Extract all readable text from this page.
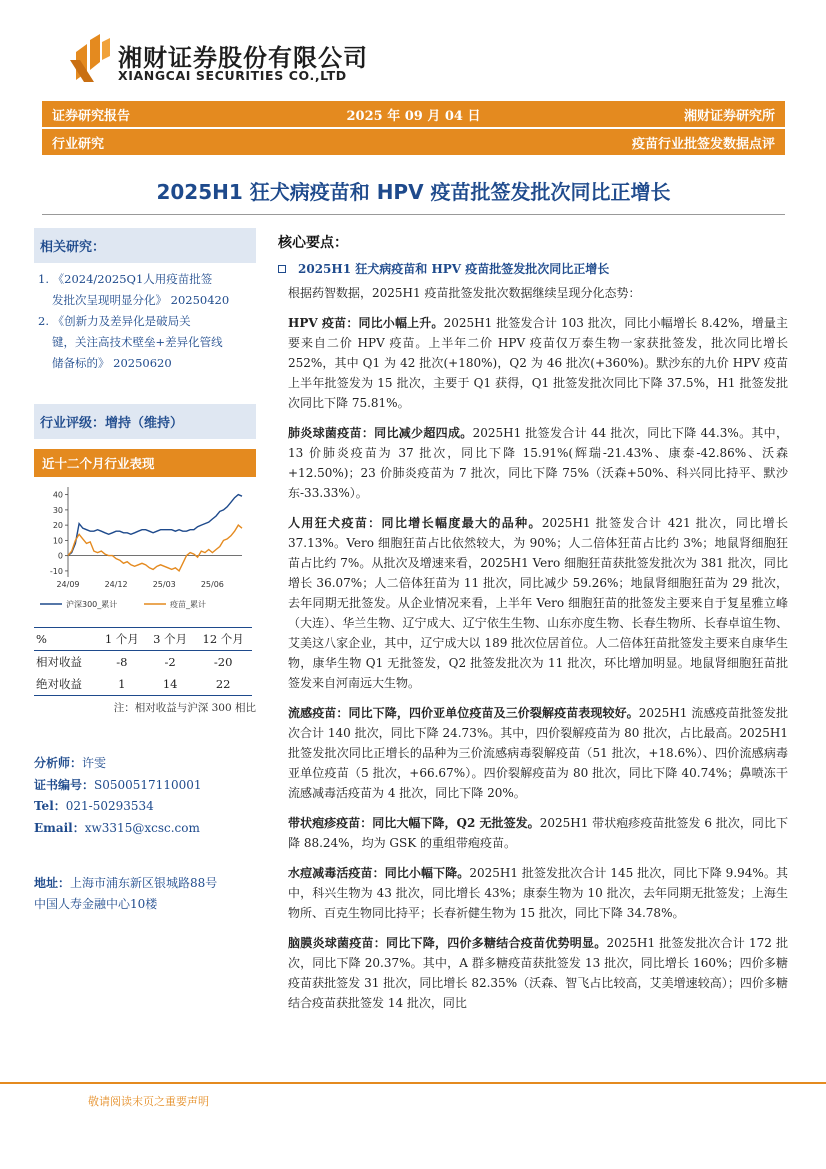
湘财证券股份有限公司
XIANGCAI SECURITIES CO.,LTD
证券研究报告	2025 年 09 月 04 日	湘财证券研究所
行业研究	疫苗行业批签发数据点评
2025H1 狂犬病疫苗和 HPV 疫苗批签发批次同比正增长
相关研究：
1. 《2024/2025Q1人用疫苗批签
发批次呈现明显分化》 20250420
2. 《创新力及差异化是破局关
键，关注高技术壁垒+差异化管线
储备标的》 20250620
行业评级：增持（维持）
近十二个月行业表现
40
30
20
10
0
-10
24/09	24/12	25/03	25/06
沪深300_累计	疫苗_累计
%	1 个月	3 个月	12 个月
相对收益	-8	-2	-20
绝对收益	1	14	22
注：相对收益与沪深 300 相比
分析师：许雯
证书编号：S0500517110001
Tel：021-50293534
Email：xw3315@xcsc.com
地址：上海市浦东新区银城路88号
中国人寿金融中心10楼
核心要点：
2025H1 狂犬病疫苗和 HPV 疫苗批签发批次同比正增长
根据药智数据，2025H1 疫苗批签发批次数据继续呈现分化态势：

HPV 疫苗：同比小幅上升。2025H1 批签发合计 103 批次，同比小幅增长 8.42%，增量主要来自二价 HPV 疫苗。上半年二价 HPV 疫苗仅万泰生物一家获批签发，批次同比增长 252%，其中 Q1 为 42 批次(+180%)，Q2 为 46 批次(+360%)。默沙东的九价 HPV 疫苗上半年批签发为 15 批次，主要于 Q1 获得，Q1 批签发批次同比下降 37.5%，H1 批签发批次同比下降 75.81%。

肺炎球菌疫苗：同比减少超四成。2025H1 批签发合计 44 批次，同比下降 44.3%。其中，13 价肺炎疫苗为 37 批次，同比下降 15.91%(辉瑞-21.43%、康泰-42.86%、沃森+12.50%)；23 价肺炎疫苗为 7 批次，同比下降 75%（沃森+50%、科兴同比持平、默沙东-33.33%）。

人用狂犬疫苗：同比增长幅度最大的品种。2025H1 批签发合计 421 批次，同比增长 37.13%。Vero 细胞狂苗占比依然较大，为 90%；人二倍体狂苗占比约 3%；地鼠肾细胞狂苗占比约 7%。从批次及增速来看，2025H1 Vero 细胞狂苗获批签发批次为 381 批次，同比增长 36.07%；人二倍体狂苗为 11 批次，同比减少 59.26%；地鼠肾细胞狂苗为 29 批次，去年同期无批签发。从企业情况来看，上半年 Vero 细胞狂苗的批签发主要来自于复星雅立峰（大连）、华兰生物、辽宁成大、辽宁依生生物、山东亦度生物、长春生物所、长春卓谊生物、艾美这八家企业，其中，辽宁成大以 189 批次位居首位。人二倍体狂苗批签发主要来自康华生物，康华生物 Q1 无批签发，Q2 批签发批次为 11 批次，环比增加明显。地鼠肾细胞狂苗批签发来自河南远大生物。

流感疫苗：同比下降，四价亚单位疫苗及三价裂解疫苗表现较好。2025H1 流感疫苗批签发批次合计 140 批次，同比下降 24.73%。其中，四价裂解疫苗为 80 批次，占比最高。2025H1 批签发批次同比正增长的品种为三价流感病毒裂解疫苗（51 批次，+18.6%）、四价流感病毒亚单位疫苗（5 批次，+66.67%）。四价裂解疫苗为 80 批次，同比下降 40.74%；鼻喷冻干流感减毒活疫苗为 4 批次，同比下降 20%。

带状疱疹疫苗：同比大幅下降，Q2 无批签发。2025H1 带状疱疹疫苗批签发 6 批次，同比下降 88.24%，均为 GSK 的重组带疱疫苗。

水痘减毒活疫苗：同比小幅下降。2025H1 批签发批次合计 145 批次，同比下降 9.94%。其中，科兴生物为 43 批次，同比增长 43%；康泰生物为 10 批次，去年同期无批签发；上海生物所、百克生物同比持平；长春祈健生物为 15 批次，同比下降 34.78%。

脑膜炎球菌疫苗：同比下降，四价多糖结合疫苗优势明显。2025H1 批签发批次合计 172 批次，同比下降 20.37%。其中，A 群多糖疫苗获批签发 13 批次，同比增长 160%；四价多糖疫苗获批签发 31 批次，同比增长 82.35%（沃森、智飞占比较高，艾美增速较高）；四价多糖结合疫苗获批签发 14 批次，同比

敬请阅读末页之重要声明
